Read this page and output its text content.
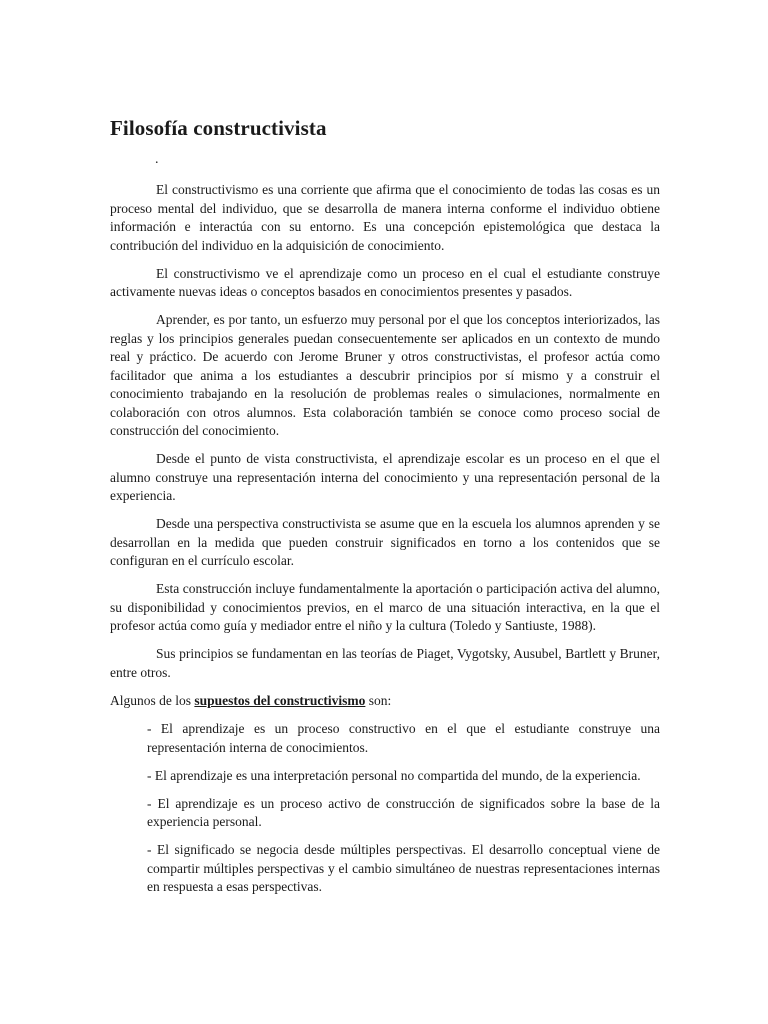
Filosofía constructivista
.

El constructivismo es una corriente que afirma que el conocimiento de todas las cosas es un proceso mental del individuo, que se desarrolla de manera interna conforme el individuo obtiene información e interactúa con su entorno. Es una concepción epistemológica que destaca la contribución del individuo en la adquisición de conocimiento.

El constructivismo ve el aprendizaje como un proceso en el cual el estudiante construye activamente nuevas ideas o conceptos basados en conocimientos presentes y pasados.

Aprender, es por tanto, un esfuerzo muy personal por el que los conceptos interiorizados, las reglas y los principios generales puedan consecuentemente ser aplicados en un contexto de mundo real y práctico. De acuerdo con Jerome Bruner y otros constructivistas, el profesor actúa como facilitador que anima a los estudiantes a descubrir principios por sí mismo y a construir el conocimiento trabajando en la resolución de problemas reales o simulaciones, normalmente en colaboración con otros alumnos. Esta colaboración también se conoce como proceso social de construcción del conocimiento.

Desde el punto de vista constructivista, el aprendizaje escolar es un proceso en el que el alumno construye una representación interna del conocimiento y una representación personal de la experiencia.

Desde una perspectiva constructivista se asume que en la escuela los alumnos aprenden y se desarrollan en la medida que pueden construir significados en torno a los contenidos que se configuran en el currículo escolar.

Esta construcción incluye fundamentalmente la aportación o participación activa del alumno, su disponibilidad y conocimientos previos, en el marco de una situación interactiva, en la que el profesor actúa como guía y mediador entre el niño y la cultura (Toledo y Santiuste, 1988).

Sus principios se fundamentan en las teorías de Piaget, Vygotsky, Ausubel, Bartlett y Bruner, entre otros.

Algunos de los supuestos del constructivismo son:

- El aprendizaje es un proceso constructivo en el que el estudiante construye una representación interna de conocimientos.
- El aprendizaje es una interpretación personal no compartida del mundo, de la experiencia.
- El aprendizaje es un proceso activo de construcción de significados sobre la base de la experiencia personal.
- El significado se negocia desde múltiples perspectivas. El desarrollo conceptual viene de compartir múltiples perspectivas y el cambio simultáneo de nuestras representaciones internas en respuesta a esas perspectivas.
